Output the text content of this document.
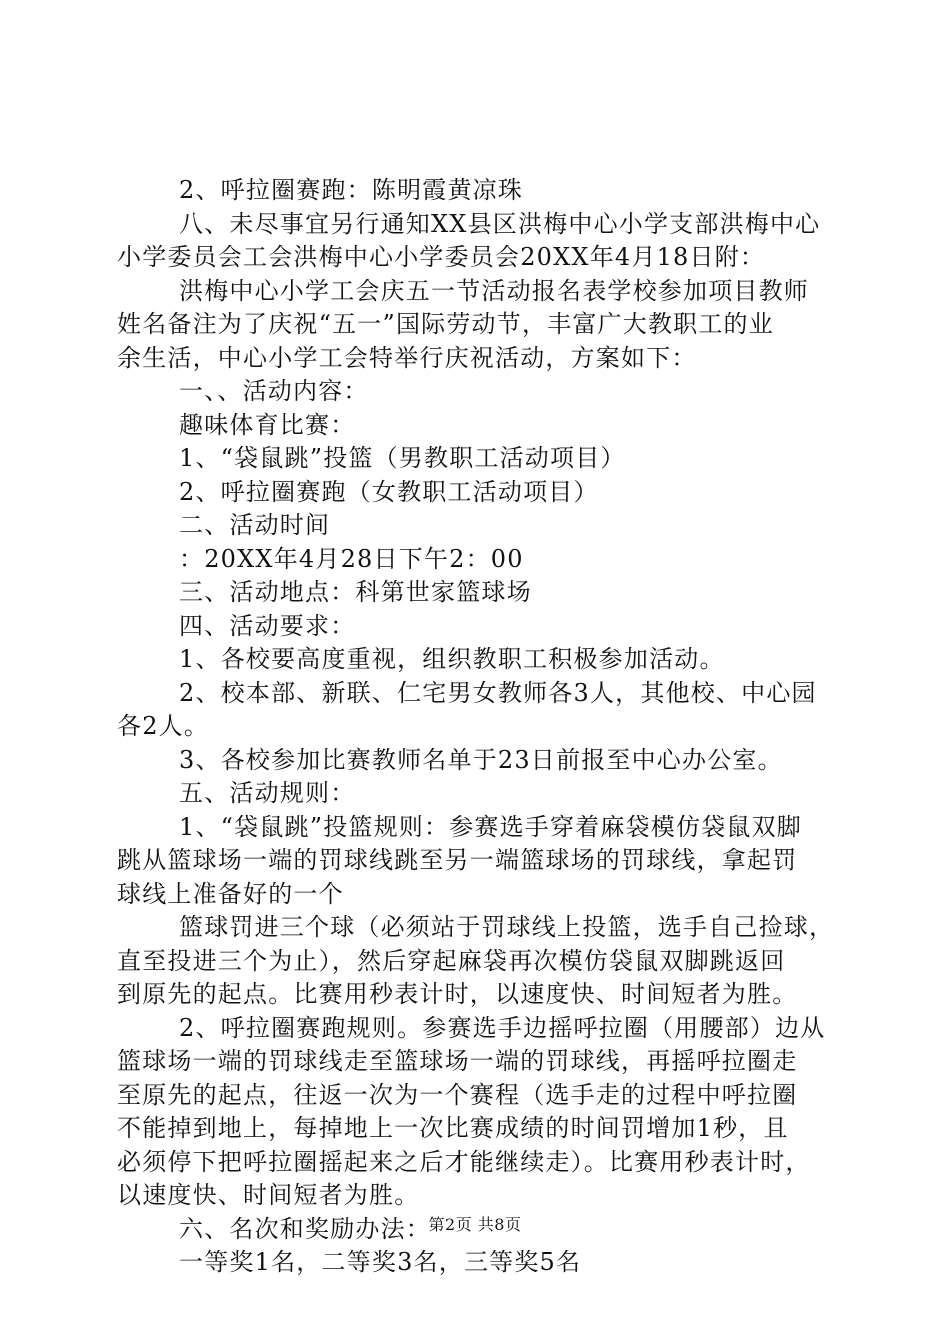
2、呼拉圈赛跑：陈明霞黄凉珠
八、未尽事宜另行通知XX县区洪梅中心小学支部洪梅中心
小学委员会工会洪梅中心小学委员会20XX年4月18日附：
洪梅中心小学工会庆五一节活动报名表学校参加项目教师
姓名备注为了庆祝“五一”国际劳动节，丰富广大教职工的业
余生活，中心小学工会特举行庆祝活动，方案如下：
一、、活动内容：
趣味体育比赛：
1、“袋鼠跳”投篮（男教职工活动项目）
2、呼拉圈赛跑（女教职工活动项目）
二、活动时间
：20XX年4月28日下午2：00
三、活动地点：科第世家篮球场
四、活动要求：
1、各校要高度重视，组织教职工积极参加活动。
2、校本部、新联、仁宅男女教师各3人，其他校、中心园
各2人。
3、各校参加比赛教师名单于23日前报至中心办公室。
五、活动规则：
1、“袋鼠跳”投篮规则：参赛选手穿着麻袋模仿袋鼠双脚
跳从篮球场一端的罚球线跳至另一端篮球场的罚球线，拿起罚
球线上准备好的一个
篮球罚进三个球（必须站于罚球线上投篮，选手自己捡球，
直至投进三个为止），然后穿起麻袋再次模仿袋鼠双脚跳返回
到原先的起点。比赛用秒表计时，以速度快、时间短者为胜。
2、呼拉圈赛跑规则。参赛选手边摇呼拉圈（用腰部）边从
篮球场一端的罚球线走至篮球场一端的罚球线，再摇呼拉圈走
至原先的起点，往返一次为一个赛程（选手走的过程中呼拉圈
不能掉到地上，每掉地上一次比赛成绩的时间罚增加1秒，且
必须停下把呼拉圈摇起来之后才能继续走）。比赛用秒表计时，
以速度快、时间短者为胜。
六、名次和奖励办法：
一等奖1名，二等奖3名，三等奖5名
第2页 共8页
